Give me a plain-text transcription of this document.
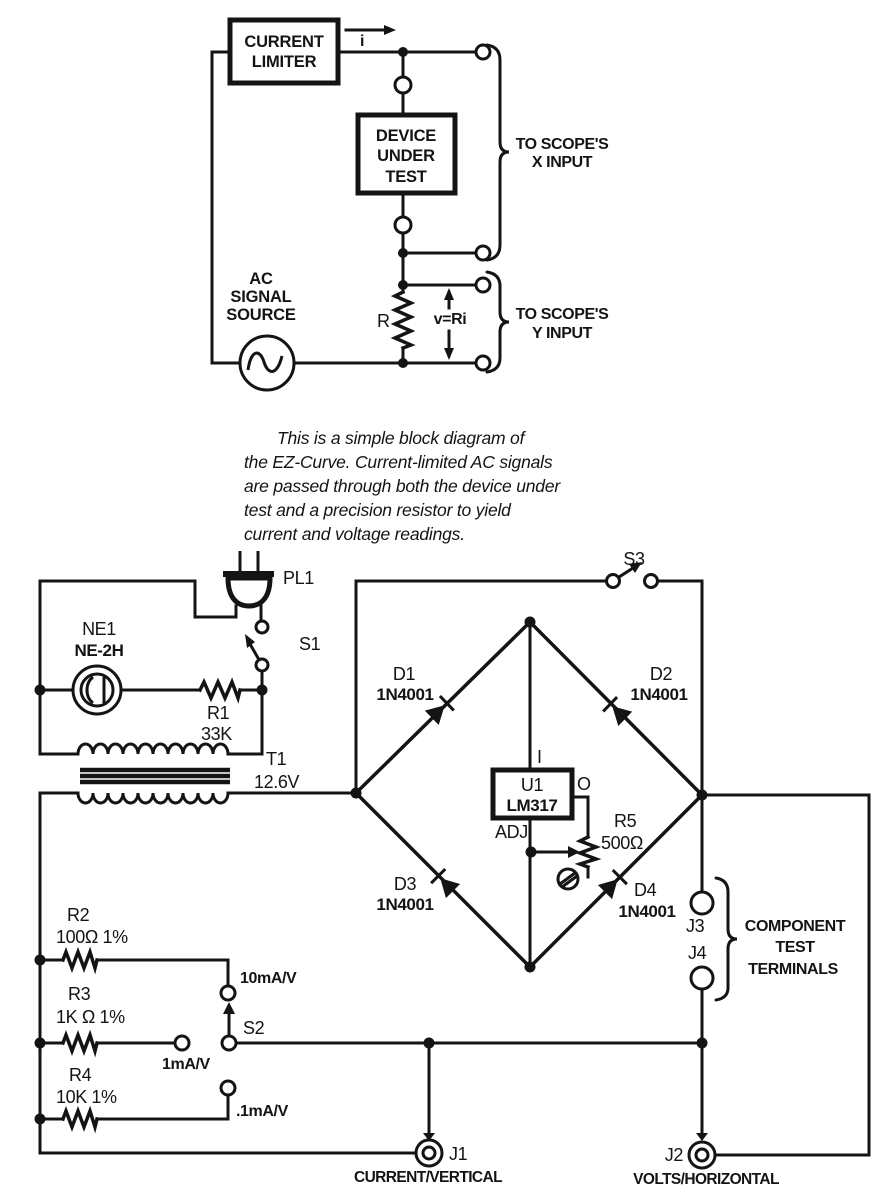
i
CURRENT
LIMITER
DEVICE
UNDER
TEST
AC
SIGNAL
SOURCE	R	v=Ri
TO SCOPE'S
X INPUT
TO SCOPE'S
Y INPUT
This is a simple block diagram of
the EZ-Curve. Current-limited AC signals
are passed through both the device under
test and a precision resistor to yield
current and voltage readings.
PL1
S1
NE1
NE-2H
R1
33K
T1
12.6V
S3
D1
1N4001
D2
1N4001
D3
1N4001
D4
1N4001
U1
LM317
I
O
ADJ
R5
500Ω
R2
100Ω 1%
R3
1K Ω 1%
R4
10K 1%
10mA/V
1mA/V
.1mA/V
S2
J3
J4
COMPONENT
TEST
TERMINALS
J1
CURRENT/VERTICAL
J2
VOLTS/HORIZONTAL
